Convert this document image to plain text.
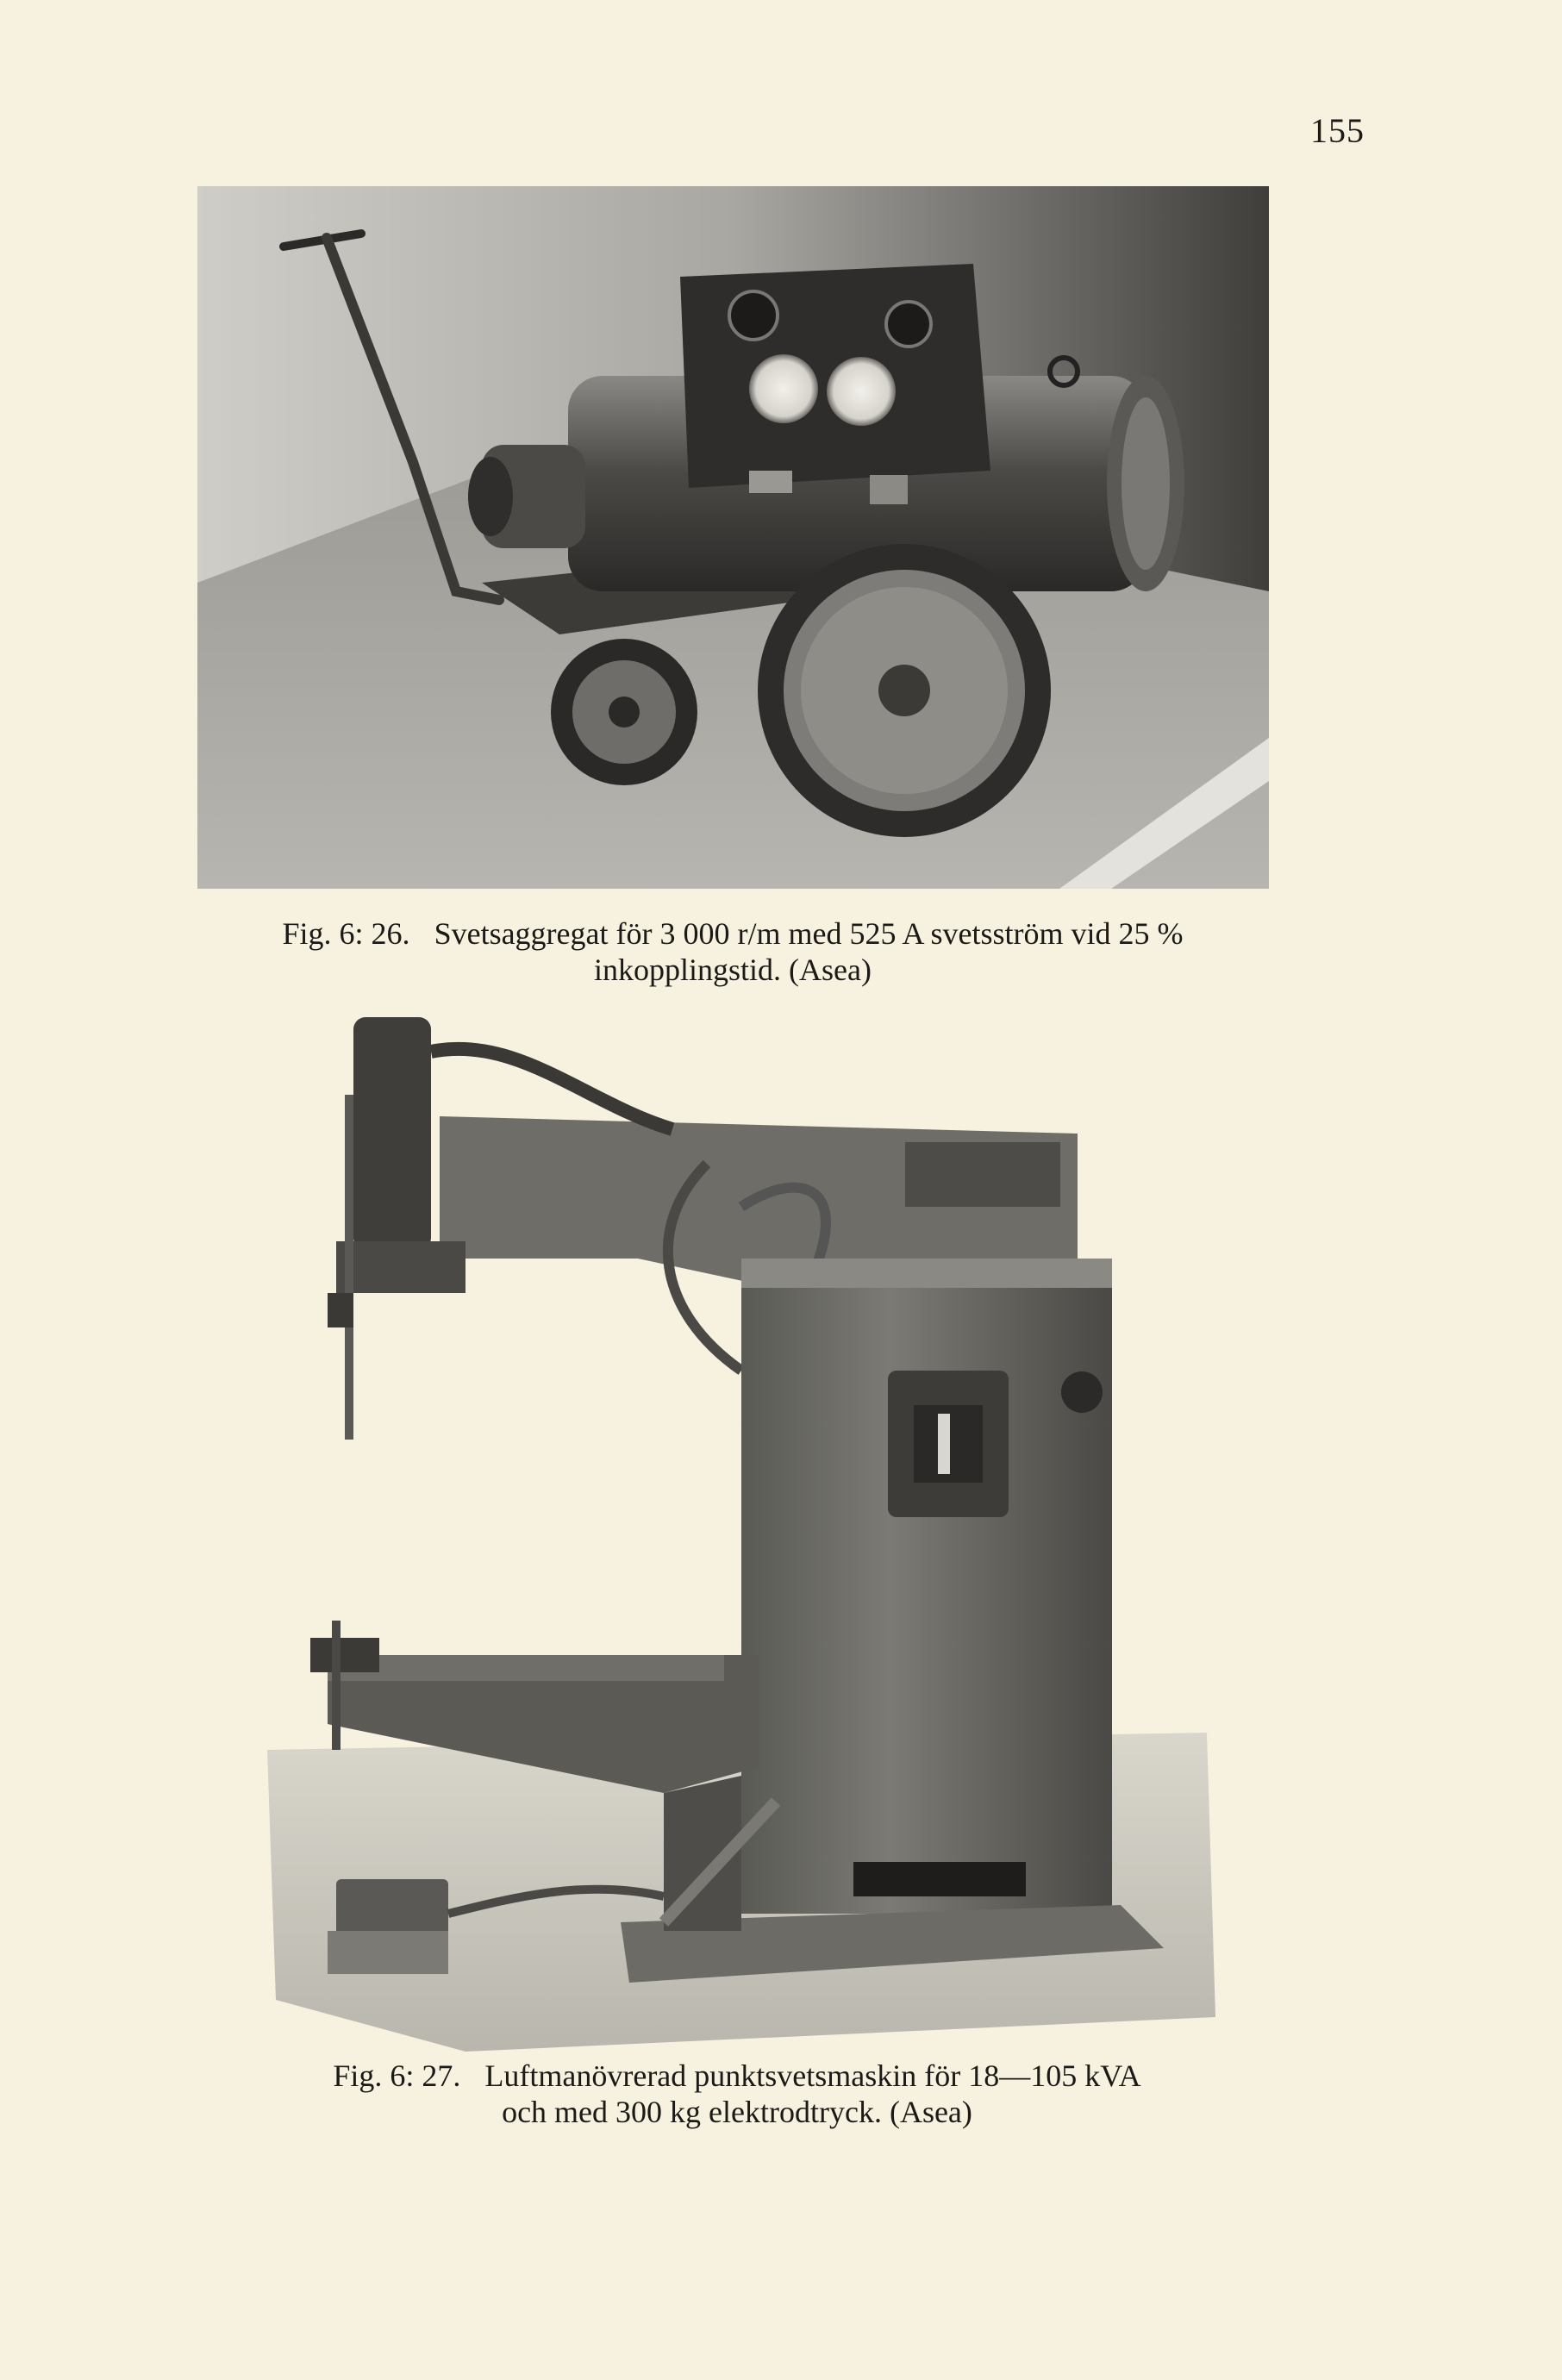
155
Fig. 6: 26. Svetsaggregat för 3 000 r/m med 525 A svetsström vid 25 %
inkopplingstid. (Asea)
Fig. 6: 27. Luftmanövrerad punktsvetsmaskin för 18—105 kVA
och med 300 kg elektrodtryck. (Asea)
